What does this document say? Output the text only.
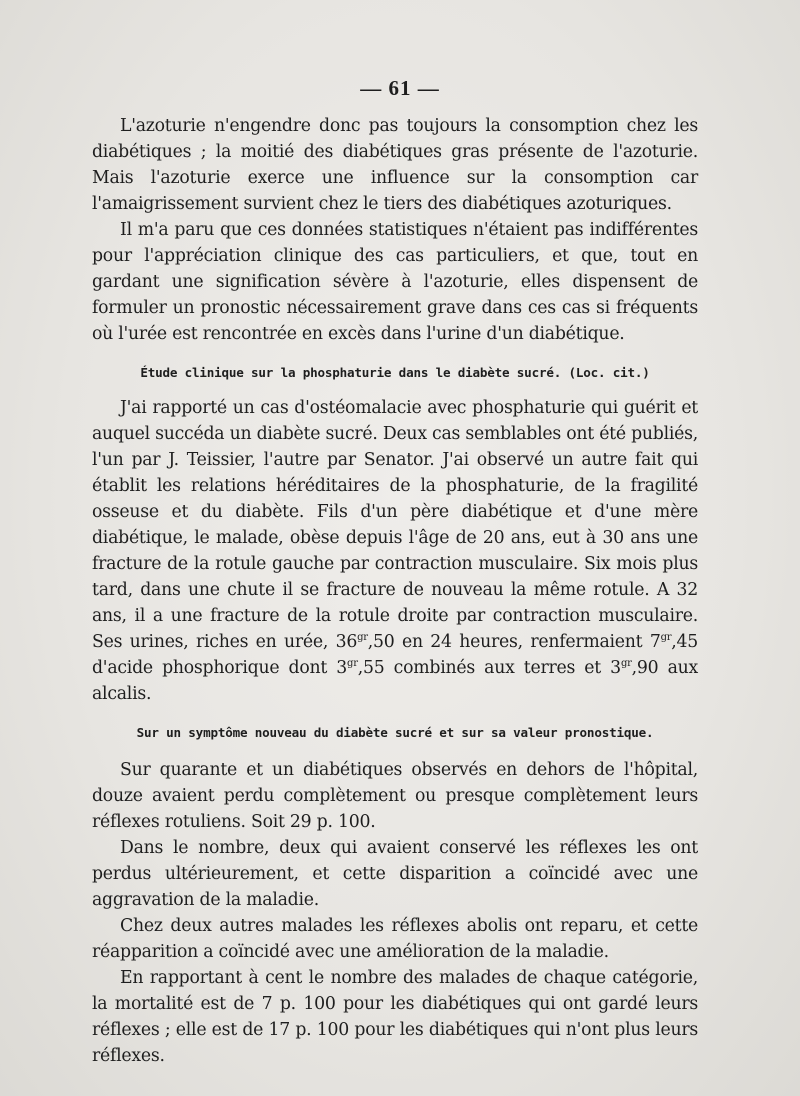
— 61 —

L'azoturie n'engendre donc pas toujours la consomption chez les diabétiques ; la moitié des diabétiques gras présente de l'azoturie. Mais l'azoturie exerce une influence sur la consomption car l'amaigrissement survient chez le tiers des diabétiques azoturiques.

Il m'a paru que ces données statistiques n'étaient pas indifférentes pour l'appréciation clinique des cas particuliers, et que, tout en gardant une signification sévère à l'azoturie, elles dispensent de formuler un pronostic nécessairement grave dans ces cas si fréquents où l'urée est rencontrée en excès dans l'urine d'un diabétique.

Étude clinique sur la phosphaturie dans le diabète sucré. (Loc. cit.)

J'ai rapporté un cas d'ostéomalacie avec phosphaturie qui guérit et auquel succéda un diabète sucré. Deux cas semblables ont été publiés, l'un par J. Teissier, l'autre par Senator. J'ai observé un autre fait qui établit les relations héréditaires de la phosphaturie, de la fragilité osseuse et du diabète. Fils d'un père diabétique et d'une mère diabétique, le malade, obèse depuis l'âge de 20 ans, eut à 30 ans une fracture de la rotule gauche par contraction musculaire. Six mois plus tard, dans une chute il se fracture de nouveau la même rotule. A 32 ans, il a une fracture de la rotule droite par contraction musculaire. Ses urines, riches en urée, $36^{gr},50$ en 24 heures, renfermaient $7^{gr},45$ d'acide phosphorique dont $3^{gr},55$ combinés aux terres et $3^{gr},90$ aux alcalis.

Sur un symptôme nouveau du diabète sucré et sur sa valeur pronostique.

Sur quarante et un diabétiques observés en dehors de l'hôpital, douze avaient perdu complètement ou presque complètement leurs réflexes rotuliens. Soit 29 p. 100.

Dans le nombre, deux qui avaient conservé les réflexes les ont perdus ultérieurement, et cette disparition a coïncidé avec une aggravation de la maladie.

Chez deux autres malades les réflexes abolis ont reparu, et cette réapparition a coïncidé avec une amélioration de la maladie.

En rapportant à cent le nombre des malades de chaque catégorie, la mortalité est de 7 p. 100 pour les diabétiques qui ont gardé leurs réflexes ; elle est de 17 p. 100 pour les diabétiques qui n'ont plus leurs réflexes.
